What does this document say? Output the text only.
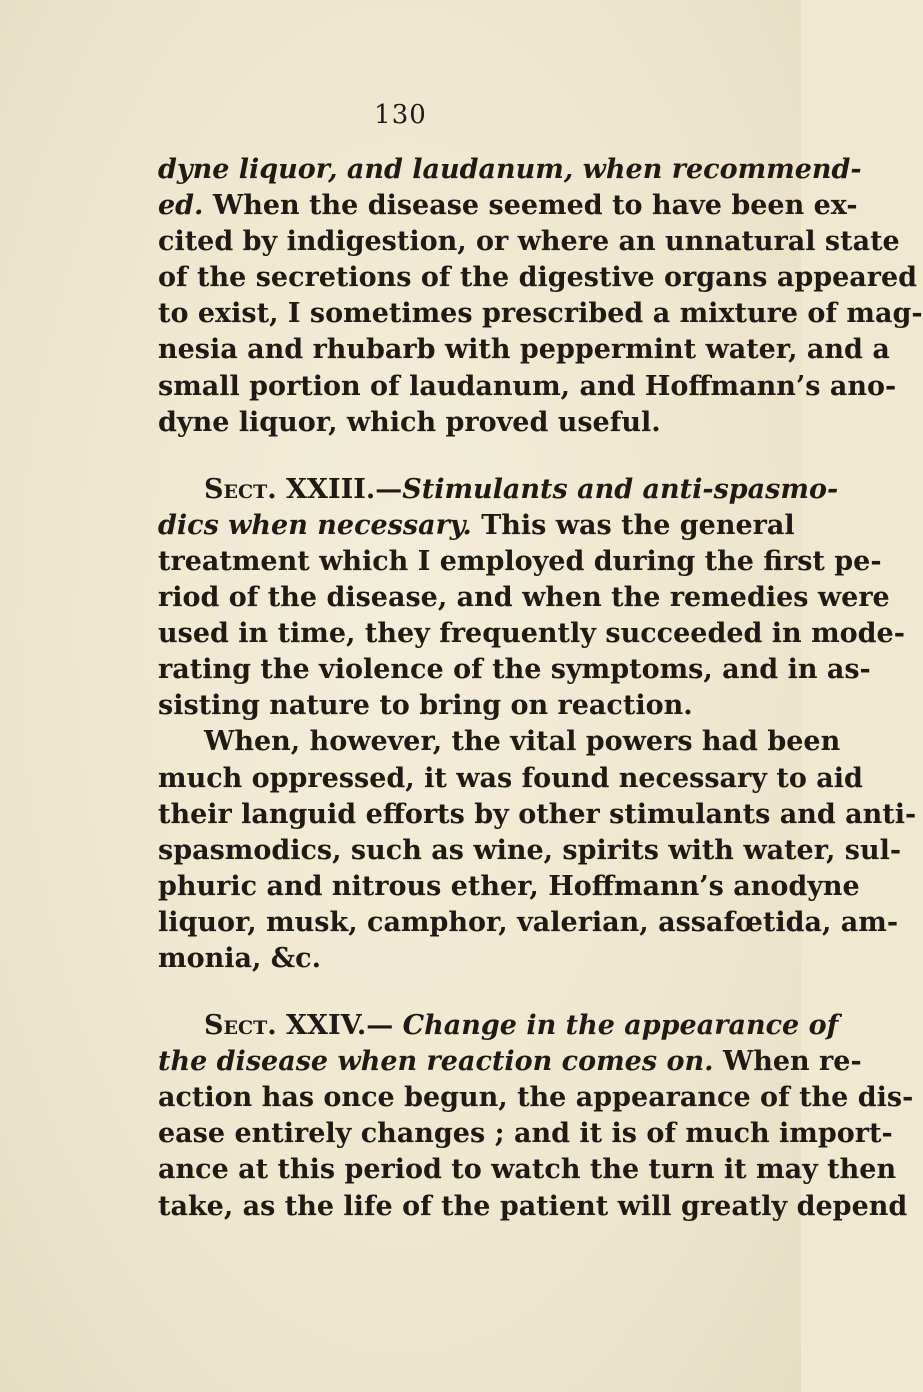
130
dyne liquor, and laudanum, when recommend-
ed. When the disease seemed to have been ex-
cited by indigestion, or where an unnatural state
of the secretions of the digestive organs appeared
to exist, I sometimes prescribed a mixture of mag-
nesia and rhubarb with peppermint water, and a
small portion of laudanum, and Hoffmann’s ano-
dyne liquor, which proved useful.
Sect. XXIII.—Stimulants and anti-spasmo-
dics when necessary. This was the general
treatment which I employed during the first pe-
riod of the disease, and when the remedies were
used in time, they frequently succeeded in mode-
rating the violence of the symptoms, and in as-
sisting nature to bring on reaction.
When, however, the vital powers had been
much oppressed, it was found necessary to aid
their languid efforts by other stimulants and anti-
spasmodics, such as wine, spirits with water, sul-
phuric and nitrous ether, Hoffmann’s anodyne
liquor, musk, camphor, valerian, assafœtida, am-
monia, &c.
Sect. XXIV.— Change in the appearance of
the disease when reaction comes on. When re-
action has once begun, the appearance of the dis-
ease entirely changes ; and it is of much import-
ance at this period to watch the turn it may then
take, as the life of the patient will greatly depend
